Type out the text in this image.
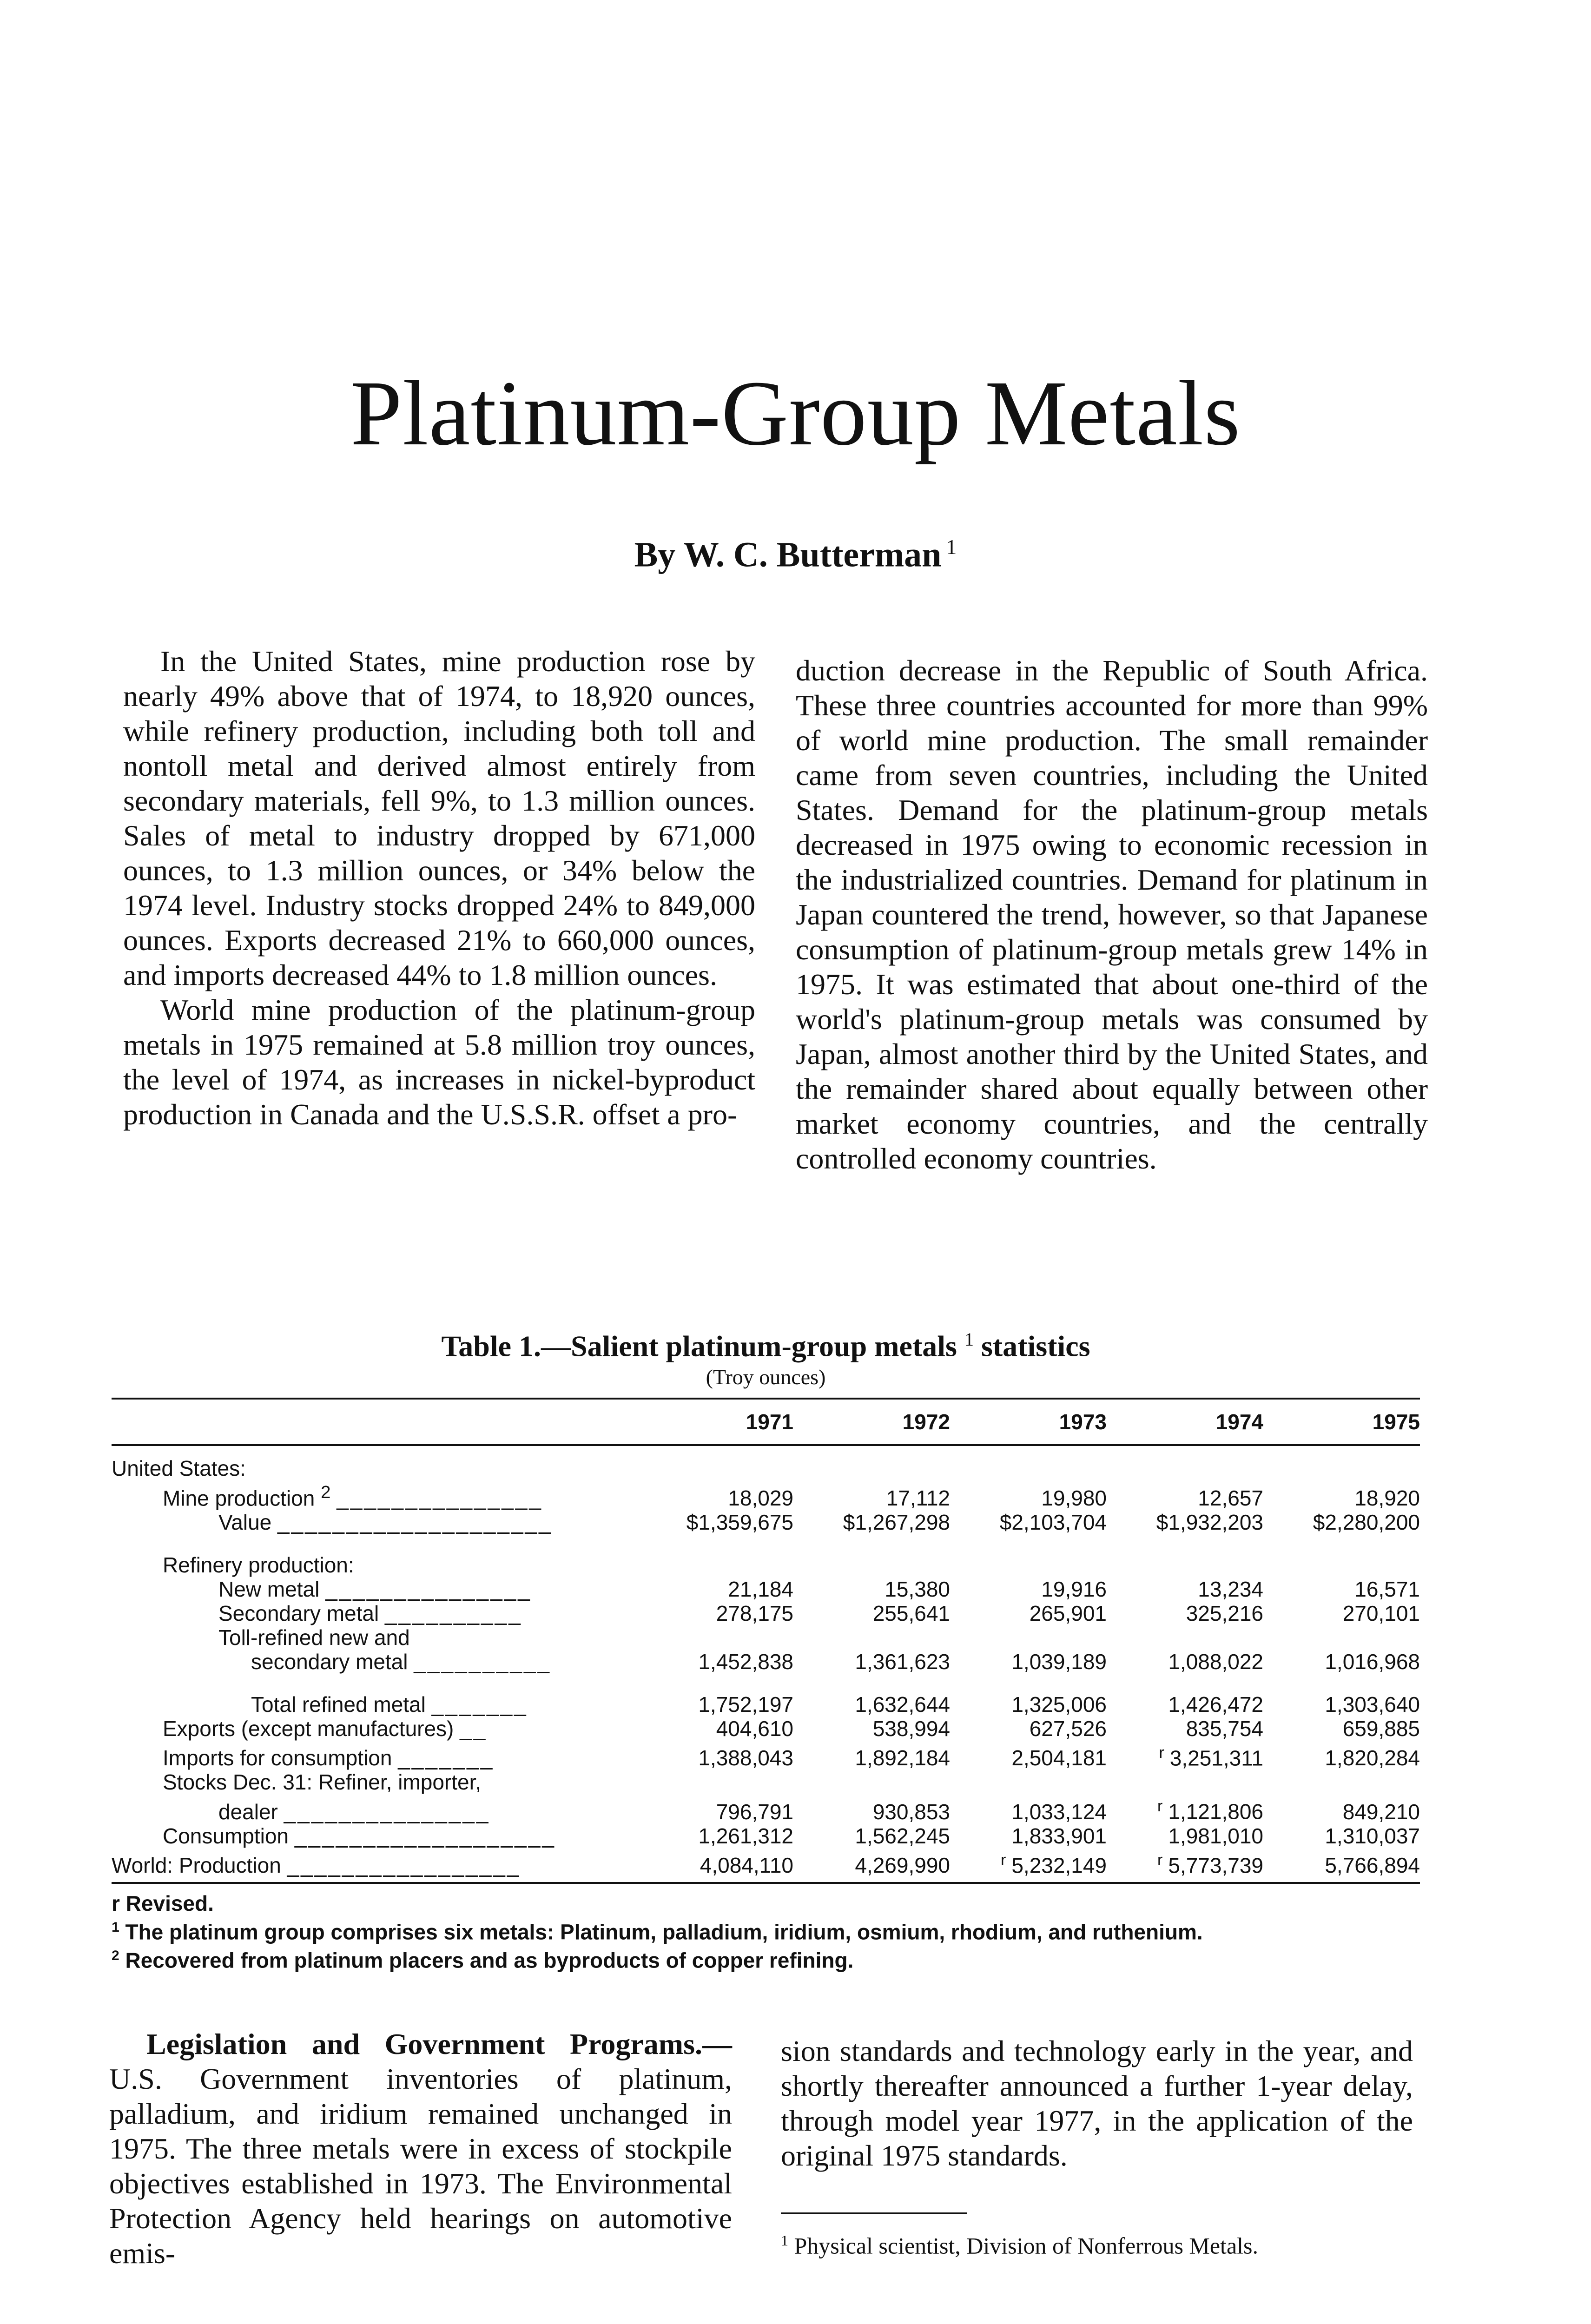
Platinum-Group Metals
By W. C. Butterman $^1$

In the United States, mine production rose by nearly 49% above that of 1974, to 18,920 ounces, while refinery production, including both toll and nontoll metal and derived almost entirely from secondary materials, fell 9%, to 1.3 million ounces. Sales of metal to industry dropped by 671,000 ounces, to 1.3 million ounces, or 34% below the 1974 level. Industry stocks dropped 24% to 849,000 ounces. Exports decreased 21% to 660,000 ounces, and imports decreased 44% to 1.8 million ounces.

World mine production of the platinum-group metals in 1975 remained at 5.8 million troy ounces, the level of 1974, as increases in nickel-byproduct production in Canada and the U.S.S.R. offset a pro-

duction decrease in the Republic of South Africa. These three countries accounted for more than 99% of world mine production. The small remainder came from seven countries, including the United States. Demand for the platinum-group metals decreased in 1975 owing to economic recession in the industrialized countries. Demand for platinum in Japan countered the trend, however, so that Japanese consumption of platinum-group metals grew 14% in 1975. It was estimated that about one-third of the world's platinum-group metals was consumed by Japan, almost another third by the United States, and the remainder shared about equally between other market economy countries, and the centrally controlled economy countries.

Table 1.—Salient platinum-group metals $^1$ statistics
(Troy ounces)
	1971	1972	1973	1974	1975
United States:					
Mine production $^2$ _______________	18,029	17,112	19,980	12,657	18,920
Value ____________________	$1,359,675	$1,267,298	$2,103,704	$1,932,203	$2,280,200

Refinery production:					
New metal _______________	21,184	15,380	19,916	13,234	16,571
Secondary metal __________	278,175	255,641	265,901	325,216	270,101
Toll-refined new and					
secondary metal __________	1,452,838	1,361,623	1,039,189	1,088,022	1,016,968

Total refined metal _______	1,752,197	1,632,644	1,325,006	1,426,472	1,303,640
Exports (except manufactures) __	404,610	538,994	627,526	835,754	659,885
Imports for consumption _______	1,388,043	1,892,184	2,504,181	$^r$ 3,251,311	1,820,284
Stocks Dec. 31: Refiner, importer,					
dealer _______________	796,791	930,853	1,033,124	$^r$ 1,121,806	849,210
Consumption ___________________	1,261,312	1,562,245	1,833,901	1,981,010	1,310,037
World: Production _________________	4,084,110	4,269,990	$^r$ 5,232,149	$^r$ 5,773,739	5,766,894
r Revised.
$^1$ The platinum group comprises six metals: Platinum, palladium, iridium, osmium, rhodium, and ruthenium.
$^2$ Recovered from platinum placers and as byproducts of copper refining.

Legislation and Government Programs.— U.S. Government inventories of platinum, palladium, and iridium remained unchanged in 1975. The three metals were in excess of stockpile objectives established in 1973. The Environmental Protection Agency held hearings on automotive emis-

sion standards and technology early in the year, and shortly thereafter announced a further 1-year delay, through model year 1977, in the application of the original 1975 standards.

$^1$ Physical scientist, Division of Nonferrous Metals.
